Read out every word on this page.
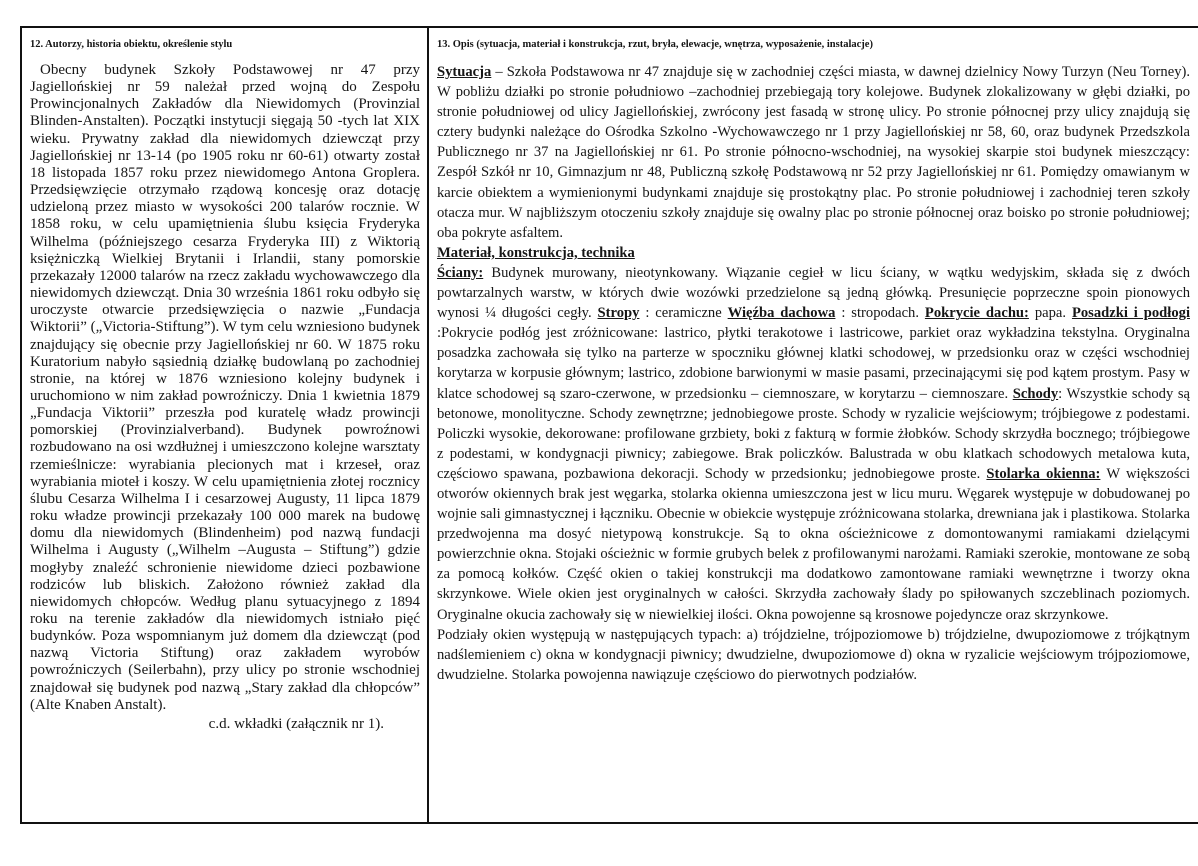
12. Autorzy, historia obiektu, określenie stylu

Obecny budynek Szkoły Podstawowej nr 47 przy Jagiellońskiej nr 59 należał przed wojną do Zespołu Prowincjonalnych Zakładów dla Niewidomych (Provinzial Blinden-Anstalten). Początki instytucji sięgają 50 -tych lat XIX wieku. Prywatny zakład dla niewidomych dziewcząt przy Jagiellońskiej nr 13-14 (po 1905 roku nr 60-61) otwarty został 18 listopada 1857 roku przez niewidomego Antona Groplera. Przedsięwzięcie otrzymało rządową koncesję oraz dotację udzieloną przez miasto w wysokości 200 talarów rocznie. W 1858 roku, w celu upamiętnienia ślubu księcia Fryderyka Wilhelma (późniejszego cesarza Fryderyka III) z Wiktorią księżniczką Wielkiej Brytanii i Irlandii, stany pomorskie przekazały 12000 talarów na rzecz zakładu wychowawczego dla niewidomych dziewcząt. Dnia 30 września 1861 roku odbyło się uroczyste otwarcie przedsięwzięcia o nazwie „Fundacja Wiktorii” („Victoria-Stiftung”). W tym celu wzniesiono budynek znajdujący się obecnie przy Jagiellońskiej nr 60. W 1875 roku Kuratorium nabyło sąsiednią działkę budowlaną po zachodniej stronie, na której w 1876 wzniesiono kolejny budynek i uruchomiono w nim zakład powroźniczy. Dnia 1 kwietnia 1879 „Fundacja Viktorii” przeszła pod kuratelę władz prowincji pomorskiej (Provinzialverband). Budynek powroźnowi rozbudowano na osi wzdłużnej i umieszczono kolejne warsztaty rzemieślnicze: wyrabiania plecionych mat i krzeseł, oraz wyrabiania mioteł i koszy. W celu upamiętnienia złotej rocznicy ślubu Cesarza Wilhelma I i cesarzowej Augusty, 11 lipca 1879 roku władze prowincji przekazały 100 000 marek na budowę domu dla niewidomych (Blindenheim) pod nazwą fundacji Wilhelma i Augusty („Wilhelm –Augusta – Stiftung”) gdzie mogłyby znaleźć schronienie niewidome dzieci pozbawione rodziców lub bliskich. Założono również zakład dla niewidomych chłopców. Według planu sytuacyjnego z 1894 roku na terenie zakładów dla niewidomych istniało pięć budynków. Poza wspomnianym już domem dla dziewcząt (pod nazwą Victoria Stiftung) oraz zakładem wyrobów powroźniczych (Seilerbahn), przy ulicy po stronie wschodniej znajdował się budynek pod nazwą „Stary zakład dla chłopców” (Alte Knaben Anstalt).

c.d. wkładki (załącznik nr 1).
13. Opis (sytuacja, materiał i konstrukcja, rzut, bryła, elewacje, wnętrza, wyposażenie, instalacje)

Sytuacja – Szkoła Podstawowa nr 47 znajduje się w zachodniej części miasta, w dawnej dzielnicy Nowy Turzyn (Neu Torney). W pobliżu działki po stronie południowo –zachodniej przebiegają tory kolejowe. Budynek zlokalizowany w głębi działki, po stronie południowej od ulicy Jagiellońskiej, zwrócony jest fasadą w stronę ulicy. Po stronie północnej przy ulicy znajdują się cztery budynki należące do Ośrodka Szkolno -Wychowawczego nr 1 przy Jagiellońskiej nr 58, 60, oraz budynek Przedszkola Publicznego nr 37 na Jagiellońskiej nr 61. Po stronie północno-wschodniej, na wysokiej skarpie stoi budynek mieszczący: Zespół Szkół nr 10, Gimnazjum nr 48, Publiczną szkołę Podstawową nr 52 przy Jagiellońskiej nr 61. Pomiędzy omawianym w karcie obiektem a wymienionymi budynkami znajduje się prostokątny plac. Po stronie południowej i zachodniej teren szkoły otacza mur. W najbliższym otoczeniu szkoły znajduje się owalny plac po stronie północnej oraz boisko po stronie południowej; oba pokryte asfaltem.

Materiał, konstrukcja, technika

Ściany: Budynek murowany, nieotynkowany. Wiązanie cegieł w licu ściany, w wątku wedyjskim, składa się z dwóch powtarzalnych warstw, w których dwie wozówki przedzielone są jedną główką. Presunięcie poprzeczne spoin pionowych wynosi ¼ długości cegły. Stropy : ceramiczne Więźba dachowa : stropodach. Pokrycie dachu: papa. Posadzki i podłogi :Pokrycie podłóg jest zróżnicowane: lastrico, płytki terakotowe i lastricowe, parkiet oraz wykładzina tekstylna. Oryginalna posadzka zachowała się tylko na parterze w spoczniku głównej klatki schodowej, w przedsionku oraz w części wschodniej korytarza w korpusie głównym; lastrico, zdobione barwionymi w masie pasami, przecinającymi się pod kątem prostym. Pasy w klatce schodowej są szaro-czerwone, w przedsionku – ciemnoszare, w korytarzu – ciemnoszare. Schody: Wszystkie schody są betonowe, monolityczne. Schody zewnętrzne; jednobiegowe proste. Schody w ryzalicie wejściowym; trójbiegowe z podestami. Policzki wysokie, dekorowane: profilowane grzbiety, boki z fakturą w formie żłobków. Schody skrzydła bocznego; trójbiegowe z podestami, w kondygnacji piwnicy; zabiegowe. Brak policzków. Balustrada w obu klatkach schodowych metalowa kuta, częściowo spawana, pozbawiona dekoracji. Schody w przedsionku; jednobiegowe proste. Stolarka okienna: W większości otworów okiennych brak jest węgarka, stolarka okienna umieszczona jest w licu muru. Węgarek występuje w dobudowanej po wojnie sali gimnastycznej i łączniku. Obecnie w obiekcie występuje zróżnicowana stolarka, drewniana jak i plastikowa. Stolarka przedwojenna ma dosyć nietypową konstrukcje. Są to okna ościeżnicowe z domontowanymi ramiakami dzielącymi powierzchnie okna. Stojaki ościeżnic w formie grubych belek z profilowanymi narożami. Ramiaki szerokie, montowane ze sobą za pomocą kołków. Część okien o takiej konstrukcji ma dodatkowo zamontowane ramiaki wewnętrzne i tworzy okna skrzynkowe. Wiele okien jest oryginalnych w całości. Skrzydła zachowały ślady po spiłowanych szczeblinach poziomych. Oryginalne okucia zachowały się w niewielkiej ilości. Okna powojenne są krosnowe pojedyncze oraz skrzynkowe.

Podziały okien występują w następujących typach: a) trójdzielne, trójpoziomowe b) trójdzielne, dwupoziomowe z trójkątnym nadślemieniem c) okna w kondygnacji piwnicy; dwudzielne, dwupoziomowe d) okna w ryzalicie wejściowym trójpoziomowe, dwudzielne. Stolarka powojenna nawiązuje częściowo do pierwotnych podziałów.
